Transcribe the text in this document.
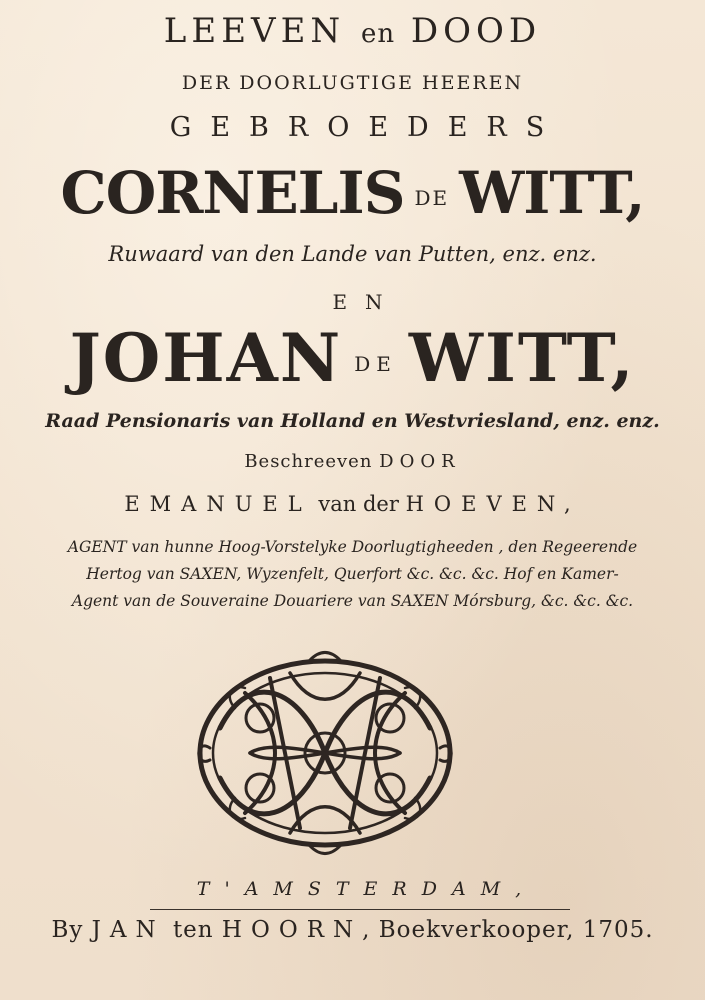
LEEVEN en DOOD
DER DOORLUGTIGE HEEREN
GEBROEDERS
CORNELIS DE WITT,
Ruwaard van den Lande van Putten, enz. enz.
EN
JOHAN DE WITT,
Raad Pensionaris van Holland en Westvriesland, enz. enz.
Beschreeven DOOR
EMANUEL van der HOEVEN,
AGENT van hunne Hoog-Vorstelyke Doorlugtigheeden , den Regeerende
Hertog van SAXEN, Wyzenfelt, Querfort &c. &c. &c. Hof en Kamer-
Agent van de Souveraine Douariere van SAXEN Mórsburg, &c. &c. &c.
T'AMSTERDAM,
By JAN ten HOORN, Boekverkooper, 1705.
